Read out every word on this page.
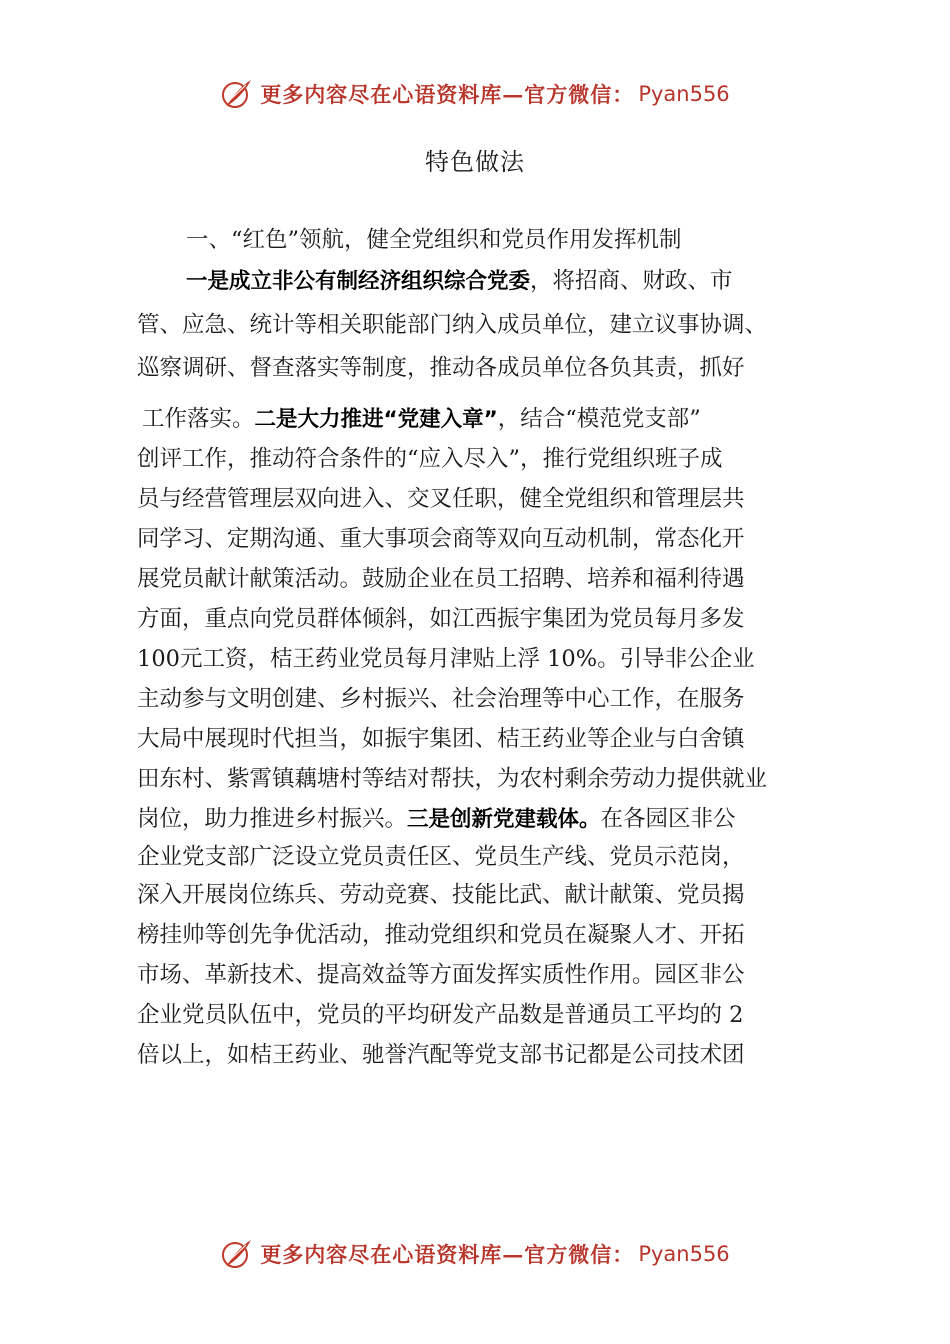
更多内容尽在心语资料库—官方微信： Pyan556
特色做法
一、“红色”领航，健全党组织和党员作用发挥机制
一是成立非公有制经济组织综合党委，将招商、财政、市
管、应急、统计等相关职能部门纳入成员单位，建立议事协调、
巡察调研、督查落实等制度，推动各成员单位各负其责，抓好
工作落实。二是大力推进“党建入章”，结合“模范党支部”
创评工作，推动符合条件的“应入尽入”，推行党组织班子成
员与经营管理层双向进入、交叉任职，健全党组织和管理层共
同学习、定期沟通、重大事项会商等双向互动机制，常态化开
展党员献计献策活动。鼓励企业在员工招聘、培养和福利待遇
方面，重点向党员群体倾斜，如江西振宇集团为党员每月多发
100元工资，桔王药业党员每月津贴上浮 10%。引导非公企业
主动参与文明创建、乡村振兴、社会治理等中心工作，在服务
大局中展现时代担当，如振宇集团、桔王药业等企业与白舍镇
田东村、紫霄镇藕塘村等结对帮扶，为农村剩余劳动力提供就业
岗位，助力推进乡村振兴。三是创新党建载体。在各园区非公
企业党支部广泛设立党员责任区、党员生产线、党员示范岗，
深入开展岗位练兵、劳动竞赛、技能比武、献计献策、党员揭
榜挂帅等创先争优活动，推动党组织和党员在凝聚人才、开拓
市场、革新技术、提高效益等方面发挥实质性作用。园区非公
企业党员队伍中，党员的平均研发产品数是普通员工平均的 2
倍以上，如桔王药业、驰誉汽配等党支部书记都是公司技术团
更多内容尽在心语资料库—官方微信： Pyan556
